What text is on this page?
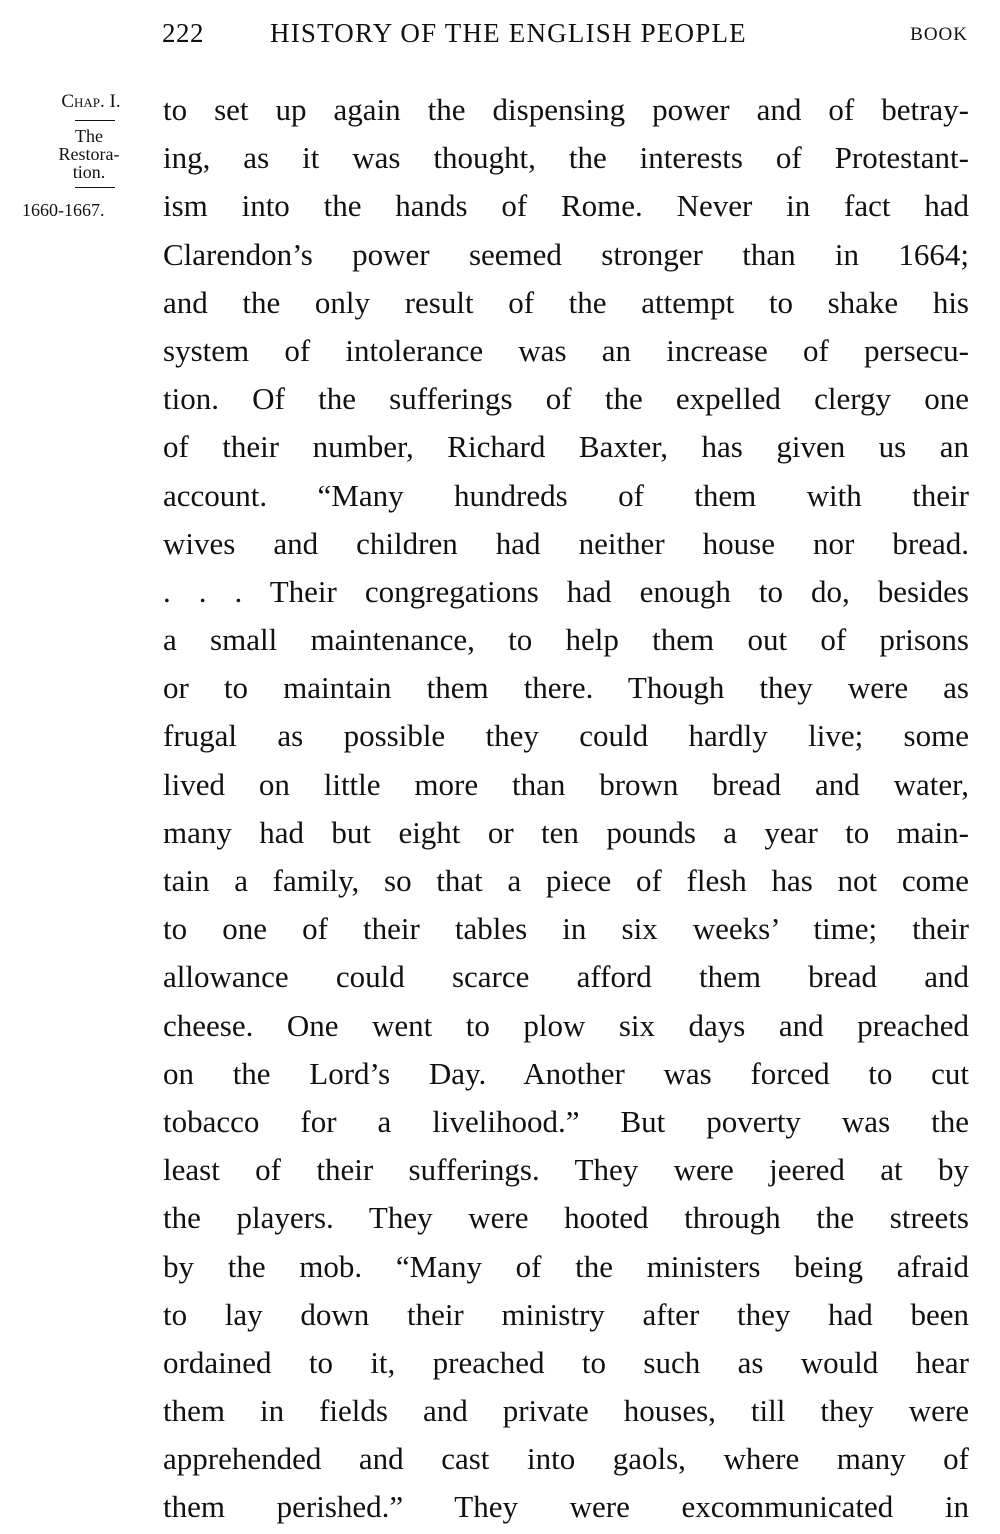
222 HISTORY OF THE ENGLISH PEOPLE	BOOK
Chap. I.
The
Restora-
tion.
1660-1667.
to set up again the dispensing power and of betray-
ing, as it was thought, the interests of Protestant-
ism into the hands of Rome. Never in fact had
Clarendon’s power seemed stronger than in 1664;
and the only result of the attempt to shake his
system of intolerance was an increase of persecu-
tion. Of the sufferings of the expelled clergy one
of their number, Richard Baxter, has given us an
account. “Many hundreds of them with their
wives and children had neither house nor bread.
. . . Their congregations had enough to do, besides
a small maintenance, to help them out of prisons
or to maintain them there. Though they were as
frugal as possible they could hardly live; some
lived on little more than brown bread and water,
many had but eight or ten pounds a year to main-
tain a family, so that a piece of flesh has not come
to one of their tables in six weeks’ time; their
allowance could scarce afford them bread and
cheese. One went to plow six days and preached
on the Lord’s Day. Another was forced to cut
tobacco for a livelihood.” But poverty was the
least of their sufferings. They were jeered at by
the players. They were hooted through the streets
by the mob. “Many of the ministers being afraid
to lay down their ministry after they had been
ordained to it, preached to such as would hear
them in fields and private houses, till they were
apprehended and cast into gaols, where many of
them perished.” They were excommunicated in
